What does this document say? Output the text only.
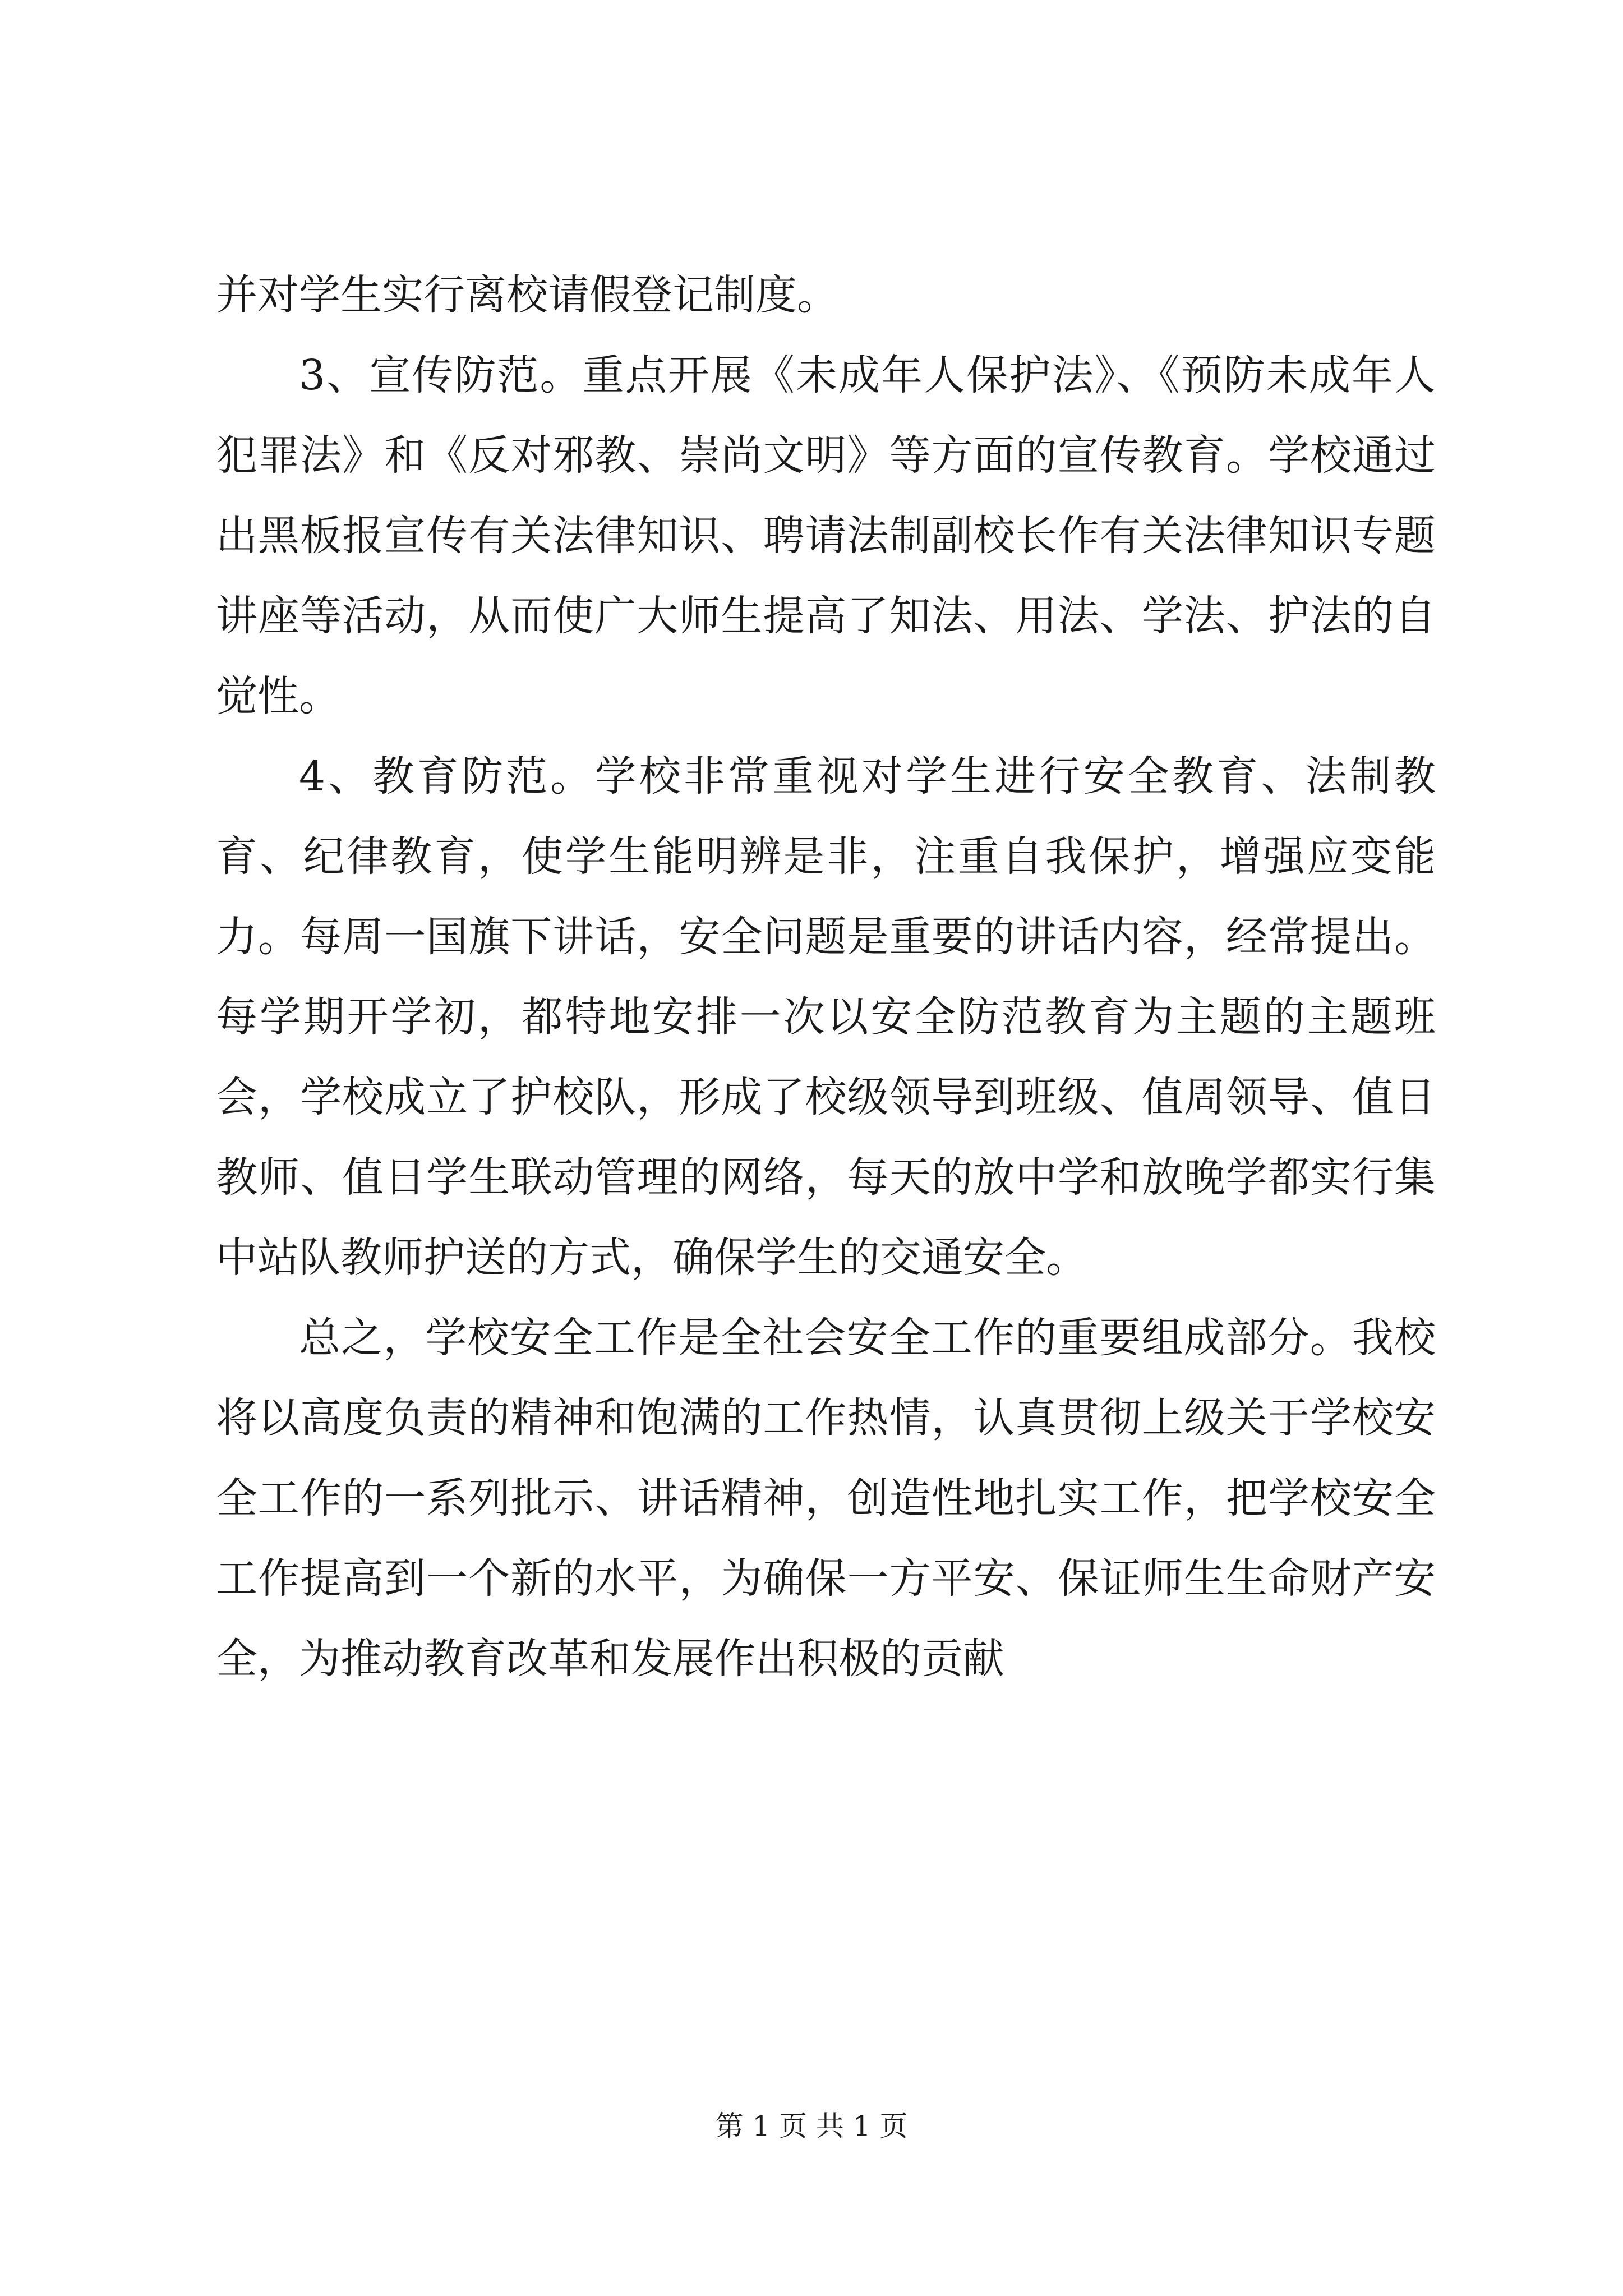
并对学生实行离校请假登记制度。

3、宣传防范。重点开展《未成年人保护法》、《预防未成年人犯罪法》和《反对邪教、崇尚文明》等方面的宣传教育。学校通过出黑板报宣传有关法律知识、聘请法制副校长作有关法律知识专题讲座等活动，从而使广大师生提高了知法、用法、学法、护法的自觉性。

4、教育防范。学校非常重视对学生进行安全教育、法制教育、纪律教育，使学生能明辨是非，注重自我保护，增强应变能力。每周一国旗下讲话，安全问题是重要的讲话内容，经常提出。每学期开学初，都特地安排一次以安全防范教育为主题的主题班会，学校成立了护校队，形成了校级领导到班级、值周领导、值日教师、值日学生联动管理的网络，每天的放中学和放晚学都实行集中站队教师护送的方式，确保学生的交通安全。

总之，学校安全工作是全社会安全工作的重要组成部分。我校将以高度负责的精神和饱满的工作热情，认真贯彻上级关于学校安全工作的一系列批示、讲话精神，创造性地扎实工作，把学校安全工作提高到一个新的水平，为确保一方平安、保证师生生命财产安全，为推动教育改革和发展作出积极的贡献

第 1 页 共 1 页
